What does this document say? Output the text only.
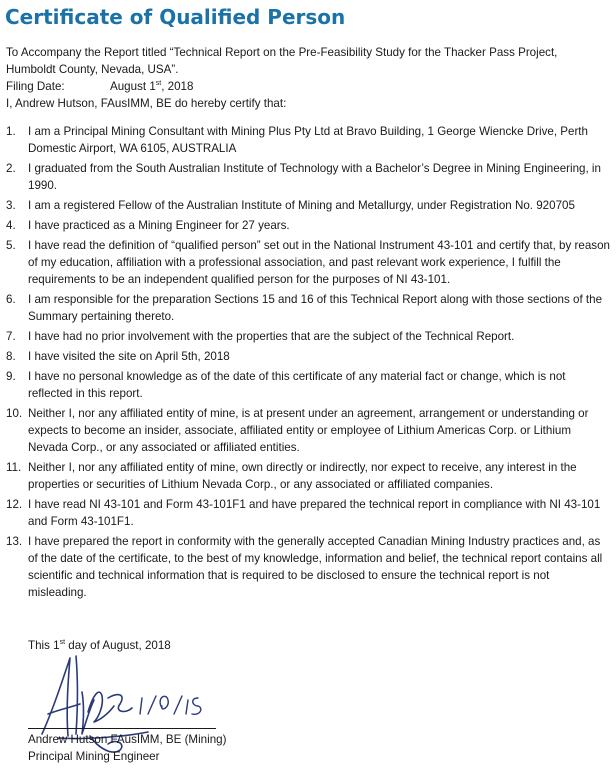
Certificate of Qualified Person

To Accompany the Report titled “Technical Report on the Pre-Feasibility Study for the Thacker Pass Project, Humboldt County, Nevada, USA”.

Filing Date:	August 1st, 2018

I, Andrew Hutson, FAusIMM, BE do hereby certify that:

1.	I am a Principal Mining Consultant with Mining Plus Pty Ltd at Bravo Building, 1 George Wiencke Drive, Perth Domestic Airport, WA 6105, AUSTRALIA
2.	I graduated from the South Australian Institute of Technology with a Bachelor’s Degree in Mining Engineering, in 1990.
3.	I am a registered Fellow of the Australian Institute of Mining and Metallurgy, under Registration No. 920705
4.	I have practiced as a Mining Engineer for 27 years.
5.	I have read the definition of “qualified person” set out in the National Instrument 43-101 and certify that, by reason of my education, affiliation with a professional association, and past relevant work experience, I fulfill the requirements to be an independent qualified person for the purposes of NI 43-101.
6.	I am responsible for the preparation Sections 15 and 16 of this Technical Report along with those sections of the Summary pertaining thereto.
7.	I have had no prior involvement with the properties that are the subject of the Technical Report.
8.	I have visited the site on April 5th, 2018
9.	I have no personal knowledge as of the date of this certificate of any material fact or change, which is not reflected in this report.
10. Neither I, nor any affiliated entity of mine, is at present under an agreement, arrangement or understanding or expects to become an insider, associate, affiliated entity or employee of Lithium Americas Corp. or Lithium Nevada Corp., or any associated or affiliated entities.
11. Neither I, nor any affiliated entity of mine, own directly or indirectly, nor expect to receive, any interest in the properties or securities of Lithium Nevada Corp., or any associated or affiliated companies.
12. I have read NI 43-101 and Form 43-101F1 and have prepared the technical report in compliance with NI 43-101 and Form 43-101F1.
13. I have prepared the report in conformity with the generally accepted Canadian Mining Industry practices and, as of the date of the certificate, to the best of my knowledge, information and belief, the technical report contains all scientific and technical information that is required to be disclosed to ensure the technical report is not misleading.
This 1st day of August, 2018

Andrew Hutson FAusIMM, BE (Mining)

Principal Mining Engineer
